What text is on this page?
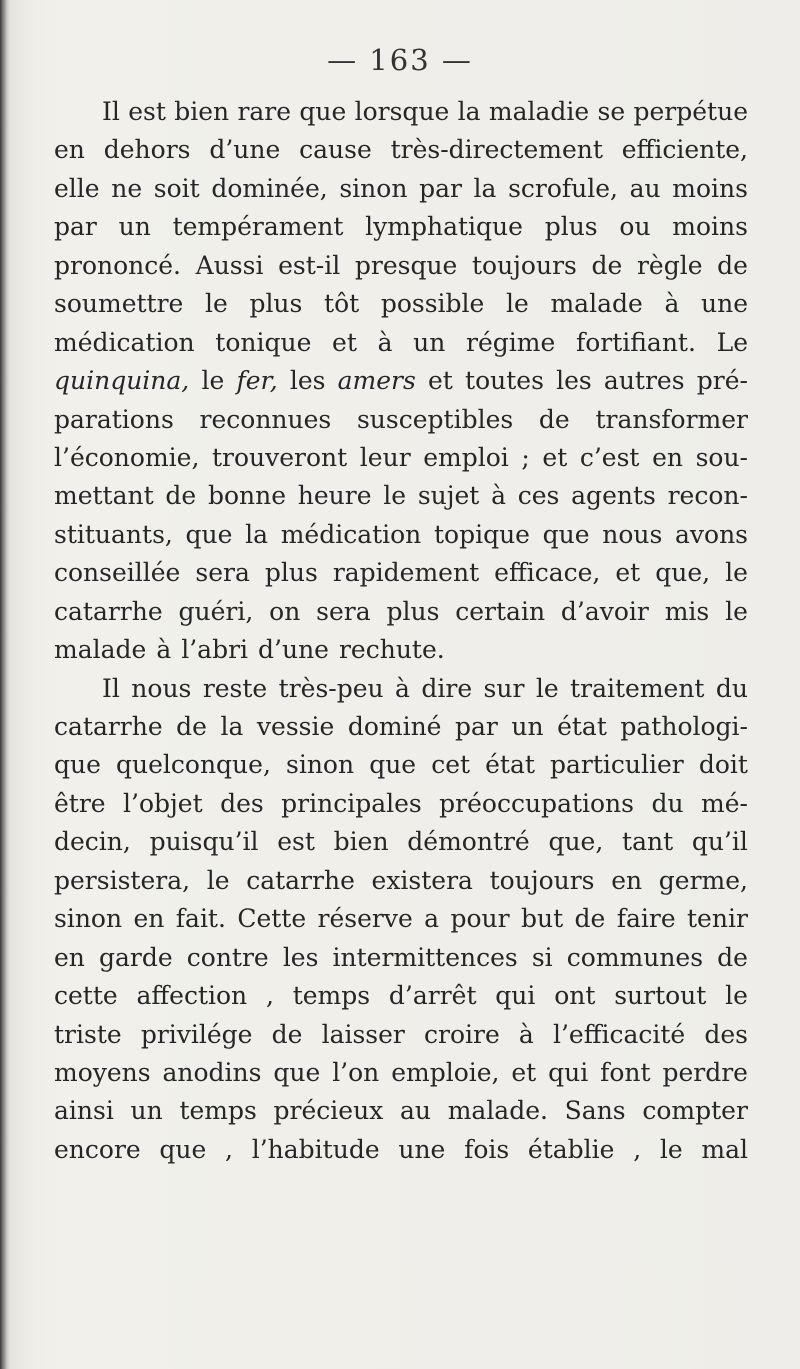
— 163 —
Il est bien rare que lorsque la maladie se perpétue
en dehors d’une cause très-directement efficiente,
elle ne soit dominée, sinon par la scrofule, au moins
par un tempérament lymphatique plus ou moins
prononcé. Aussi est-il presque toujours de règle de
soumettre le plus tôt possible le malade à une
médication tonique et à un régime fortifiant. Le
quinquina, le fer, les amers et toutes les autres pré-
parations reconnues susceptibles de transformer
l’économie, trouveront leur emploi ; et c’est en sou-
mettant de bonne heure le sujet à ces agents recon-
stituants, que la médication topique que nous avons
conseillée sera plus rapidement efficace, et que, le
catarrhe guéri, on sera plus certain d’avoir mis le
malade à l’abri d’une rechute.
Il nous reste très-peu à dire sur le traitement du
catarrhe de la vessie dominé par un état pathologi-
que quelconque, sinon que cet état particulier doit
être l’objet des principales préoccupations du mé-
decin, puisqu’il est bien démontré que, tant qu’il
persistera, le catarrhe existera toujours en germe,
sinon en fait. Cette réserve a pour but de faire tenir
en garde contre les intermittences si communes de
cette affection , temps d’arrêt qui ont surtout le
triste privilége de laisser croire à l’efficacité des
moyens anodins que l’on emploie, et qui font perdre
ainsi un temps précieux au malade. Sans compter
encore que , l’habitude une fois établie , le mal
